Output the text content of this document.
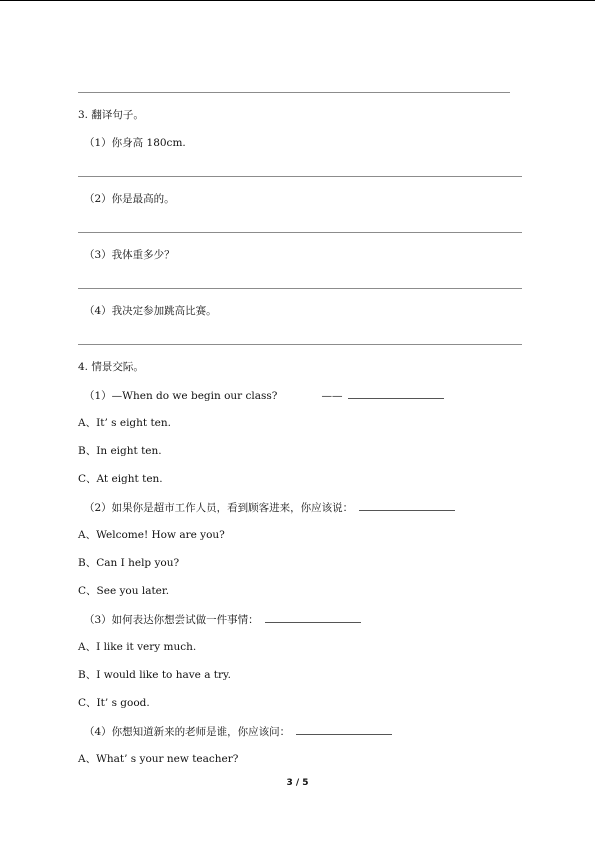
3. 翻译句子。
（1）你身高 180cm.
（2）你是最高的。
（3）我体重多少？
（4）我决定参加跳高比赛。
4. 情景交际。
（1）—When do we begin our class?	——
A、It’ s eight ten.
B、In eight ten.
C、At eight ten.
（2）如果你是超市工作人员，看到顾客进来，你应该说：
A、Welcome! How are you?
B、Can I help you?
C、See you later.
（3）如何表达你想尝试做一件事情：
A、I like it very much.
B、I would like to have a try.
C、It’ s good.
（4）你想知道新来的老师是谁，你应该问：
A、What’ s your new teacher?
3 / 5
